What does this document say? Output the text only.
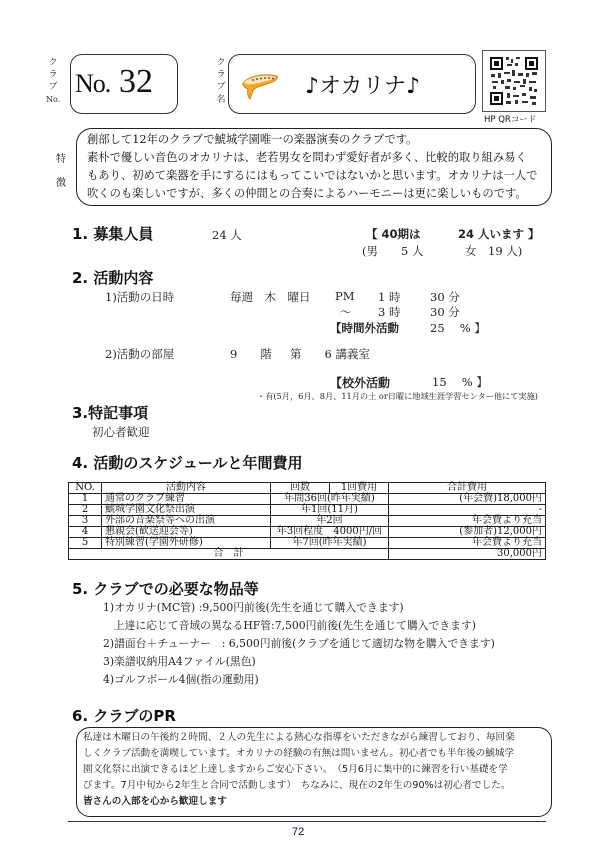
ク
ラ
ブ
No.
No. 32	ク
ラ
ブ
名
♪オカリナ♪
HP QRコード
特
徴

創部して12年のクラブで鯱城学園唯一の楽器演奏のクラブです。

素朴で優しい音色のオカリナは、老若男女を問わず愛好者が多く、比較的取り組み易く

もあり、初めて楽器を手にするにはもってこいではないかと思います。オカリナは一人で

吹くのも楽しいですが、多くの仲間との合奏によるハーモニーは更に楽しいものです。

1. 募集人員	24 人	【 40期は	24 人います 】
(男　　5 人	女　19 人)
2. 活動内容
1)活動の日時	毎週　木　曜日 PM 1 時	30 分
～ 3 時	30 分
【時間外活動	25　 % 】
2)活動の部屋	9　　階 第　　6 講義室
【校外活動	15　 % 】
・有(5月，6月、8月、11月の土 or日曜に地域生涯学習センター他にて実施)
3.特記事項
初心者歓迎
4. 活動のスケジュールと年間費用
NO.	活動内容	回数	1回費用	合計費用
1	通常のクラブ練習	年間36回(昨年実績)		(年会費)18,000円
2	鯱城学園文化祭出演	年1回(11月)		-
3	外部の音楽祭等への出演	年2回		年会費より充当
4	懇親会(歓送迎会等)	年3回程度　4000円/回		(参加者)12,000円
5	特別練習(学園外研修)	年7回(昨年実績)		年会費より充当
合　計				30,000円
5. クラブでの必要な物品等
1)オカリナ(MC管) :9,500円前後(先生を通じて購入できます)
　上達に応じて音域の異なるHF管:7,500円前後(先生を通じて購入できます)
2)譜面台＋チューナー　: 6,500円前後(クラブを通じて適切な物を購入できます)
3)楽譜収納用A4ファイル(黒色)
4)ゴルフボール4個(指の運動用)
6. クラブのPR
私達は木曜日の午後約２時間、２人の先生による熱心な指導をいただきながら練習しており、毎回楽
しくクラブ活動を満喫しています。オカリナの経験の有無は問いません。初心者でも半年後の鯱城学
園文化祭に出演できるほど上達しますからご安心下さい。　（5月6月に集中的に練習を行い基礎を学
びます。7月中旬から2年生と合同で活動します）　ちなみに、現在の2年生の90%は初心者でした。
皆さんの入部を心から歓迎します
72
